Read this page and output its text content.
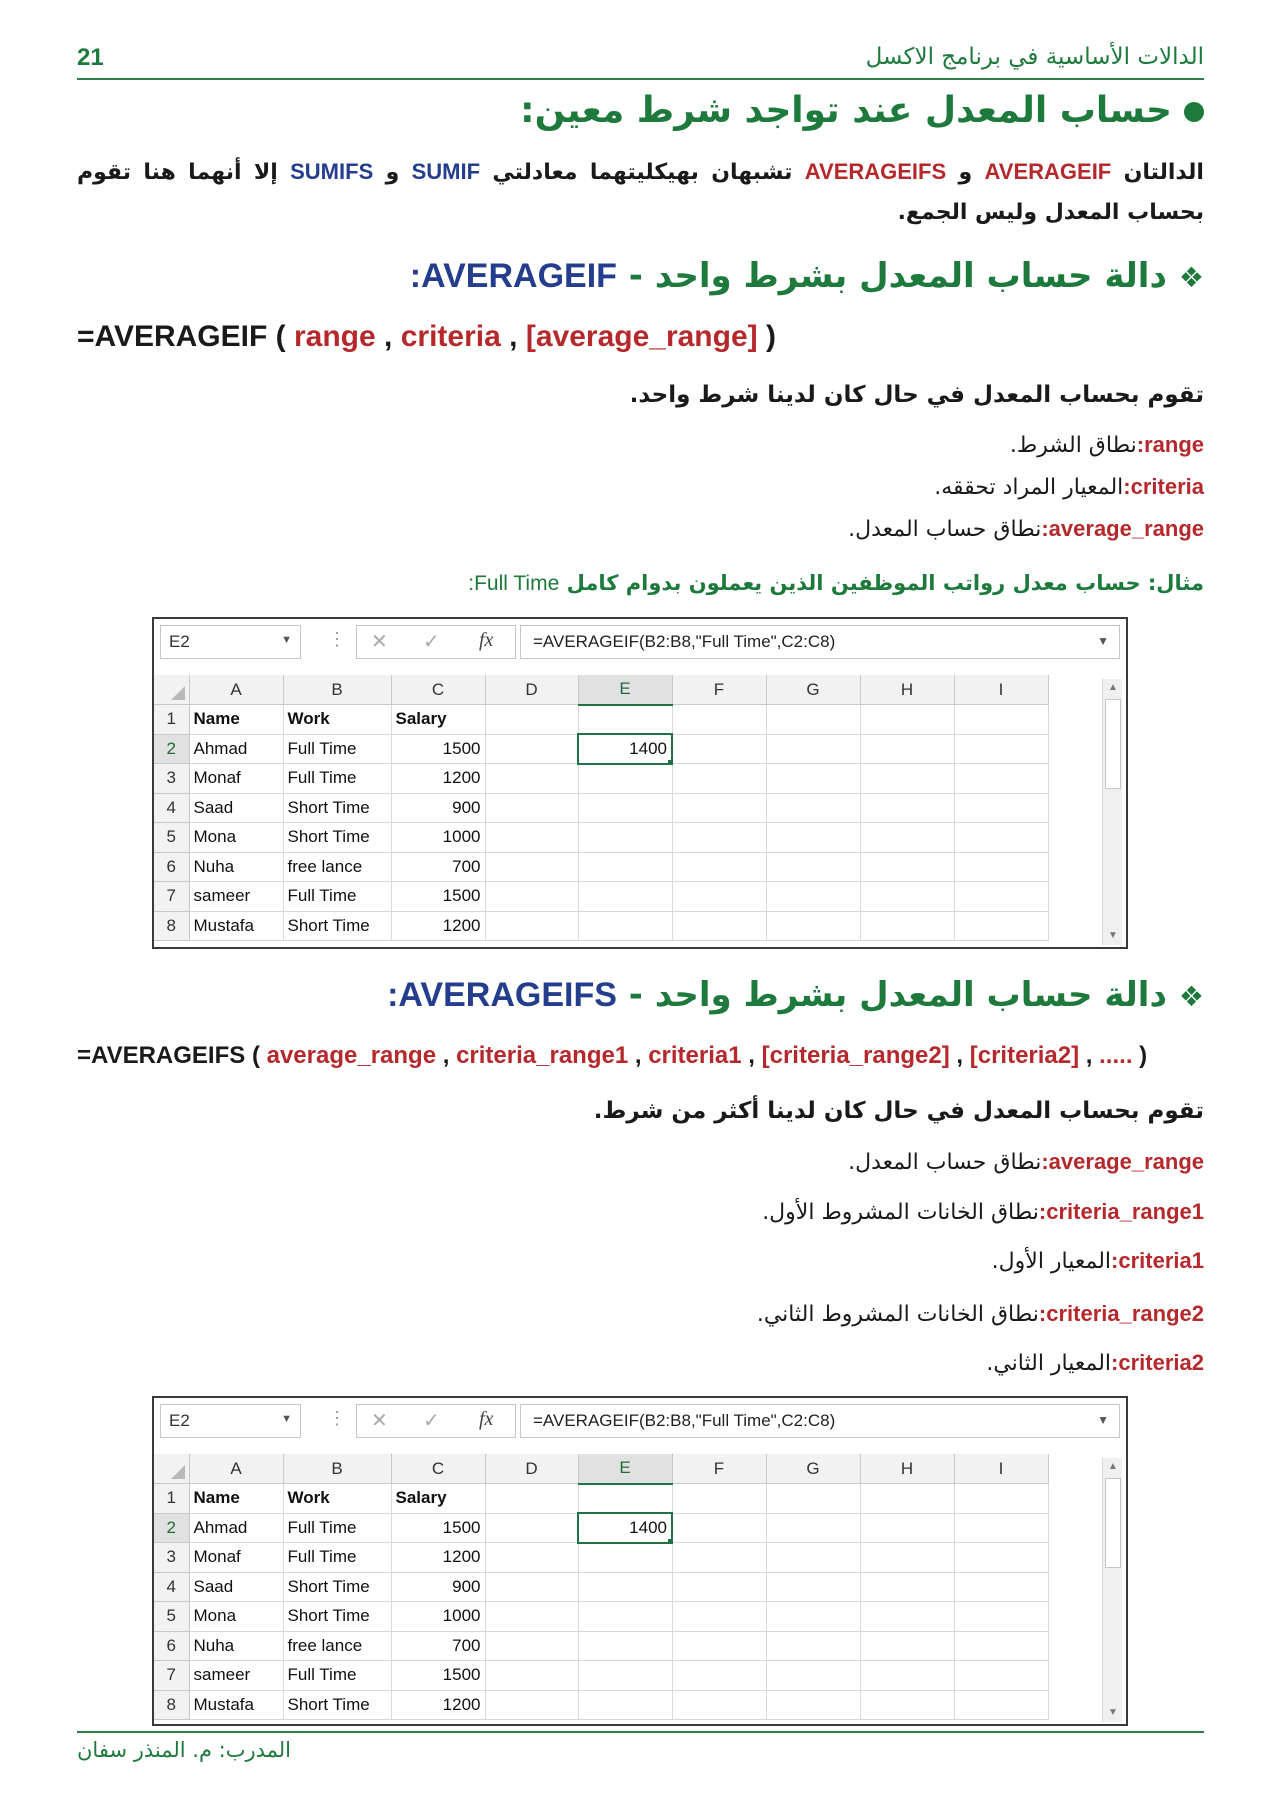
21	الدالات الأساسية في برنامج الاكسل
حساب المعدل عند تواجد شرط معين:
الدالتان AVERAGEIF و AVERAGEIFS تشبهان بهيكليتهما معادلتي SUMIF و SUMIFS إلا أنهما هنا تقوم بحساب المعدل وليس الجمع.
❖دالة حساب المعدل بشرط واحد - AVERAGEIF:
=AVERAGEIF ( range , criteria , [average_range] )
تقوم بحساب المعدل في حال كان لدينا شرط واحد.
range:نطاق الشرط.
criteria:المعيار المراد تحققه.
average_range:نطاق حساب المعدل.
مثال: حساب معدل رواتب الموظفين الذين يعملون بدوام كامل Full Time:
E2	▼ ⋮ ✕ ✓ fx	=AVERAGEIF(B2:B8,"Full Time",C2:C8)	▼
	A	B	C	D	E	F	G	H	I
1	Name	Work	Salary						
2	Ahmad	Full Time	1500		1400				
3	Monaf	Full Time	1200						
4	Saad	Short Time	900						
5	Mona	Short Time	1000						
6	Nuha	free lance	700						
7	sameer	Full Time	1500						
8	Mustafa	Short Time	1200						
▲
▼
❖دالة حساب المعدل بشرط واحد - AVERAGEIFS:
=AVERAGEIFS ( average_range , criteria_range1 , criteria1 , [criteria_range2] , [criteria2] , ..... )
تقوم بحساب المعدل في حال كان لدينا أكثر من شرط.
average_range:نطاق حساب المعدل.
criteria_range1:نطاق الخانات المشروط الأول.
criteria1:المعيار الأول.
criteria_range2:نطاق الخانات المشروط الثاني.
criteria2:المعيار الثاني.
E2	▼ ⋮ ✕ ✓ fx	=AVERAGEIF(B2:B8,"Full Time",C2:C8)	▼
	A	B	C	D	E	F	G	H	I
1	Name	Work	Salary						
2	Ahmad	Full Time	1500		1400				
3	Monaf	Full Time	1200						
4	Saad	Short Time	900						
5	Mona	Short Time	1000						
6	Nuha	free lance	700						
7	sameer	Full Time	1500						
8	Mustafa	Short Time	1200						
▲
▼
المدرب: م. المنذر سفان
